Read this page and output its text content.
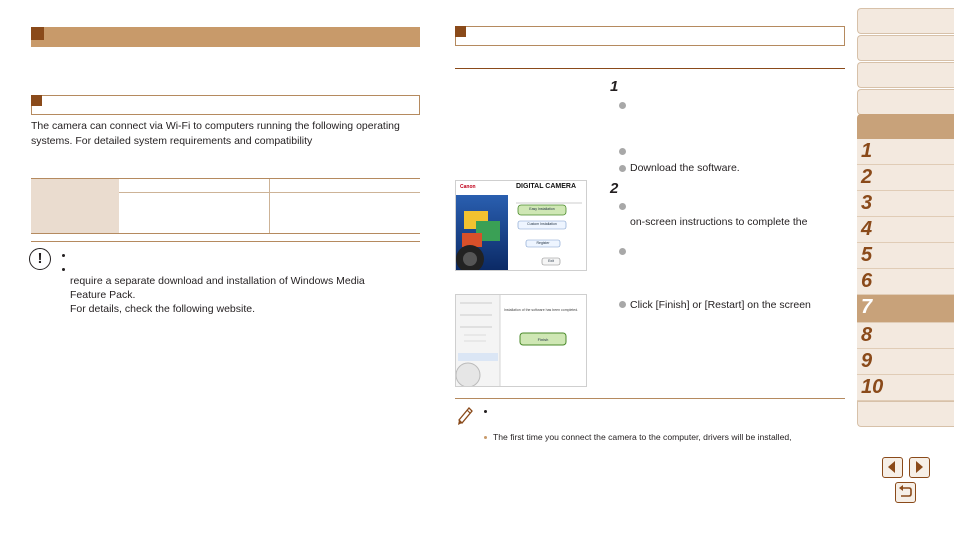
The camera can connect via Wi-Fi to computers running the following operating systems. For detailed system requirements and compatibility
!
require a separate download and installation of Windows Media
Feature Pack.
For details, check the following website.
1
Download the software.
2
on-screen instructions to complete the
Click [Finish] or [Restart] on the screen
Canon	DIGITAL CAMERA
Easy Installation
Custom Installation
Register
Exit
Installation of the software has been completed.
Finish
The first time you connect the camera to the computer, drivers will be installed,
1
2
3
4
5
6
7
8
9
10
